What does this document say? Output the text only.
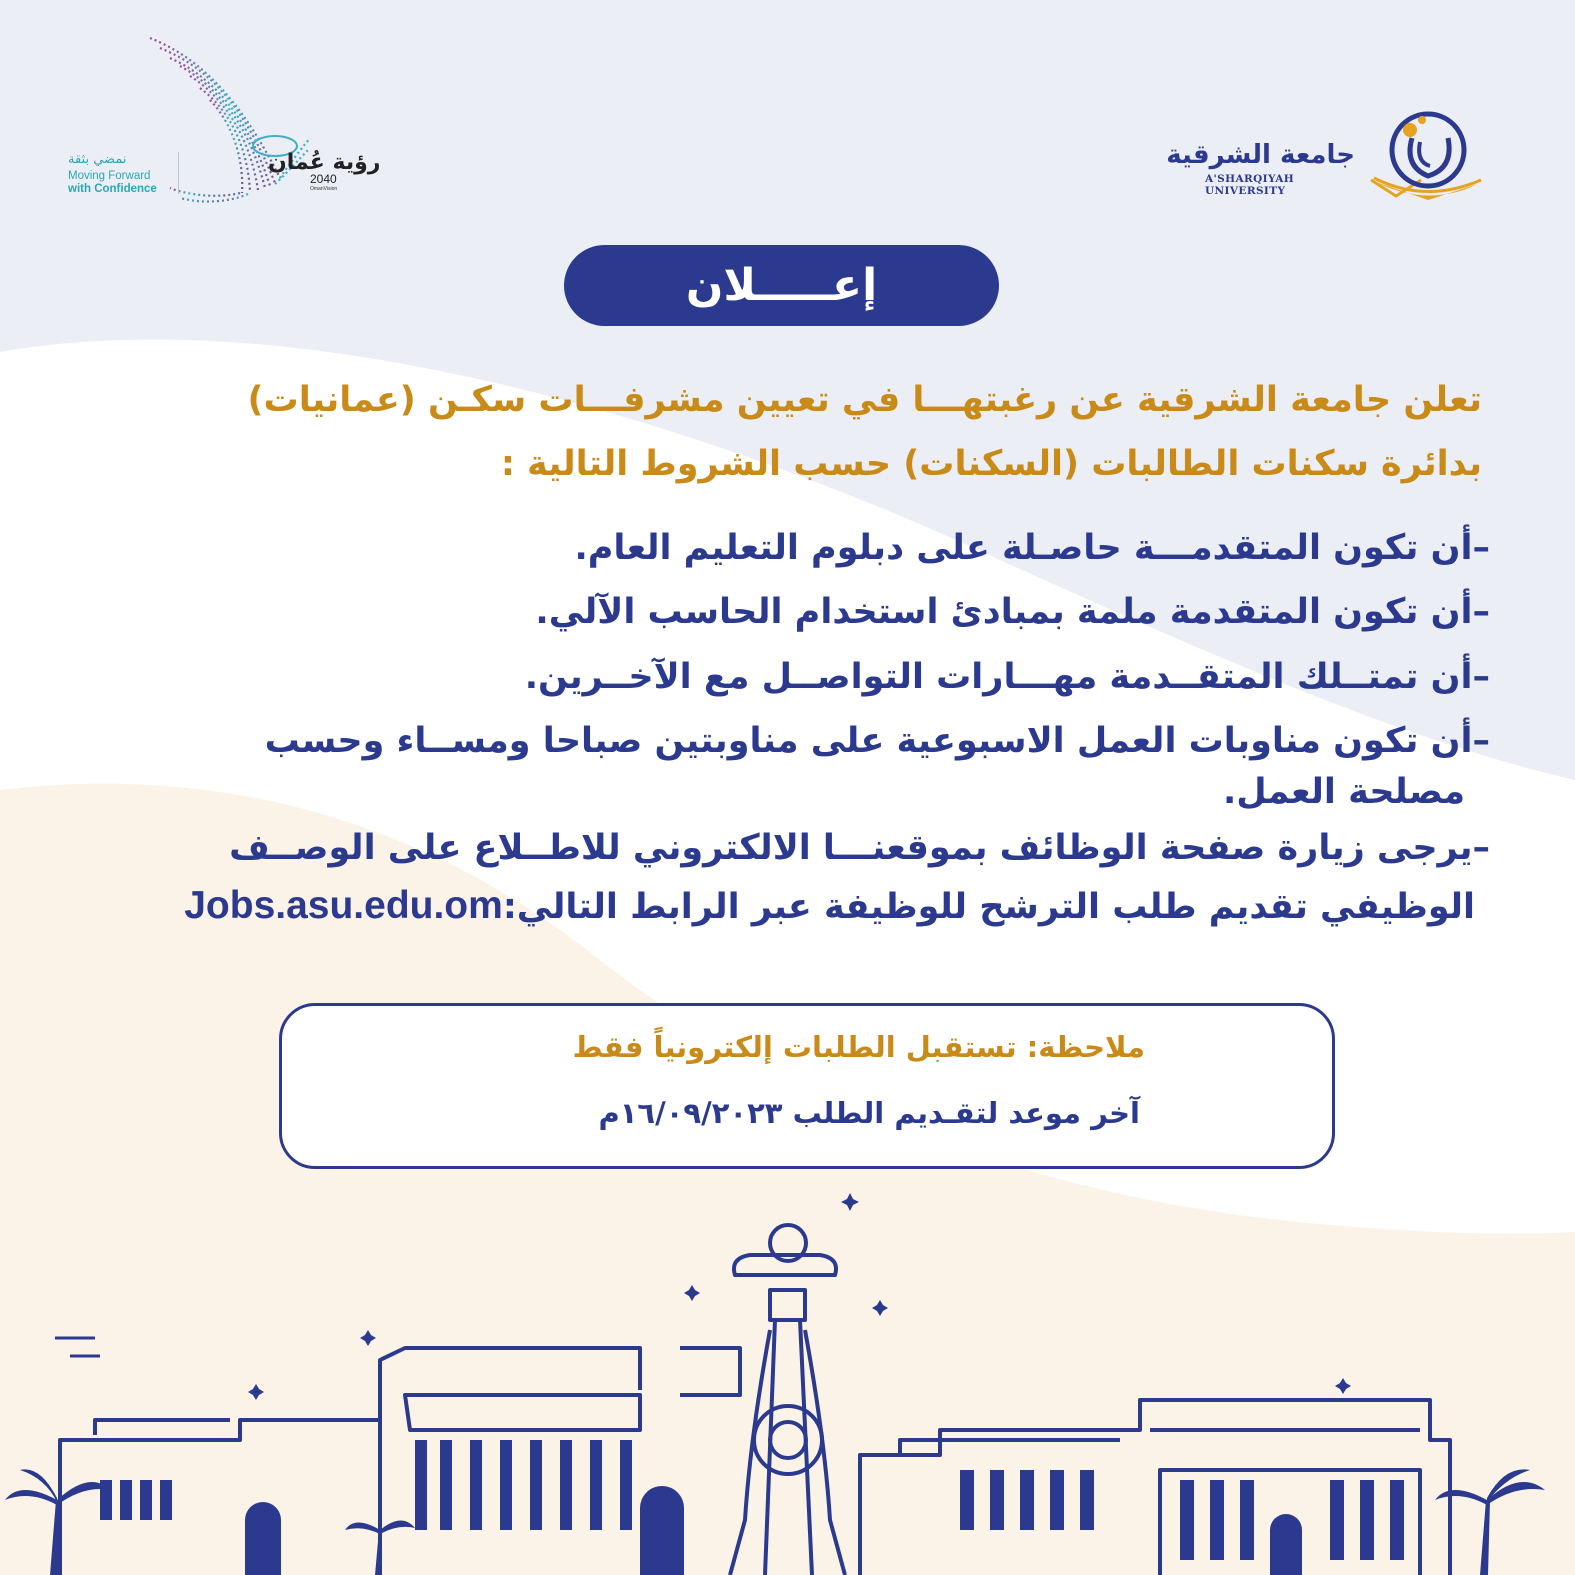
جامعة الشرقية
A'SHARQIYAH UNIVERSITY
رؤية عُمان
2040
OmanVision
نمضي بثقة
Moving Forward
with Confidence
إعـــــلان
تعلن جامعة الشرقية عن رغبتهـــا في تعيين مشرفـــات سكـن (عمانيات)
بدائرة سكنات الطالبات (السكنات) حسب الشروط التالية :
–أن تكون المتقدمـــة حاصـلة على دبلوم التعليم العام.
–أن تكون المتقدمة ملمة بمبادئ استخدام الحاسب الآلي.
–أن تمتــلك المتقــدمة مهـــارات التواصــل مع الآخــرين.
–أن تكون مناوبات العمل الاسبوعية على مناوبتين صباحا ومســاء وحسب
مصلحة العمل.
–يرجى زيارة صفحة الوظائف بموقعنـــا الالكتروني للاطــلاع على الوصــف
الوظيفي تقديم طلب الترشح للوظيفة عبر الرابط التالي:Jobs.asu.edu.om
ملاحظة: تستقبل الطلبات إلكترونياً فقط
آخر موعد لتقـديم الطلب ١٦/٠٩/٢٠٢٣م
